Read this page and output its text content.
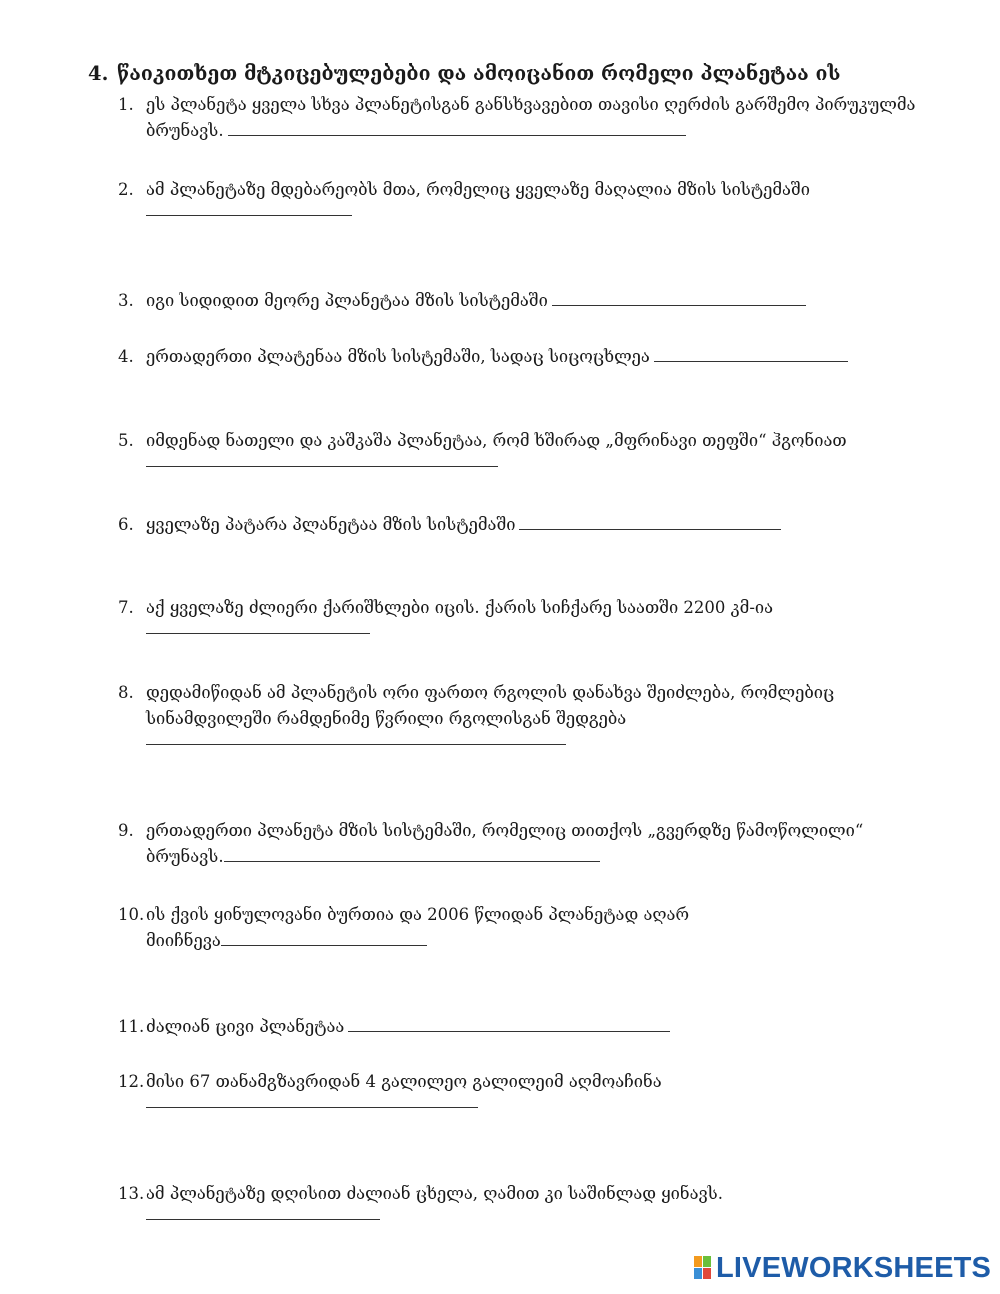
4. წაიკითხეთ მტკიცებულებები და ამოიცანით რომელი პლანეტაა ის
1. ეს პლანეტა ყველა სხვა პლანეტისგან განსხვავებით თავისი ღერძის გარშემო პირუკულმა
ბრუნავს.
2. ამ პლანეტაზე მდებარეობს მთა, რომელიც ყველაზე მაღალია მზის სისტემაში
3. იგი სიდიდით მეორე პლანეტაა მზის სისტემაში
4. ერთადერთი პლატენაა მზის სისტემაში, სადაც სიცოცხლეა
5. იმდენად ნათელი და კაშკაშა პლანეტაა, რომ ხშირად „მფრინავი თეფში“ ჰგონიათ
6. ყველაზე პატარა პლანეტაა მზის სისტემაში
7. აქ ყველაზე ძლიერი ქარიშხლები იცის. ქარის სიჩქარე საათში 2200 კმ-ია
8. დედამიწიდან ამ პლანეტის ორი ფართო რგოლის დანახვა შეიძლება, რომლებიც
სინამდვილეში რამდენიმე წვრილი რგოლისგან შედგება
9. ერთადერთი პლანეტა მზის სისტემაში, რომელიც თითქოს „გვერდზე წამოწოლილი“
ბრუნავს.
10. ის ქვის ყინულოვანი ბურთია და 2006 წლიდან პლანეტად აღარ
მიიჩნევა
11. ძალიან ცივი პლანეტაა
12. მისი 67 თანამგზავრიდან 4 გალილეო გალილეიმ აღმოაჩინა
13. ამ პლანეტაზე დღისით ძალიან ცხელა, ღამით კი საშინლად ყინავს.
LIVEWORKSHEETS
